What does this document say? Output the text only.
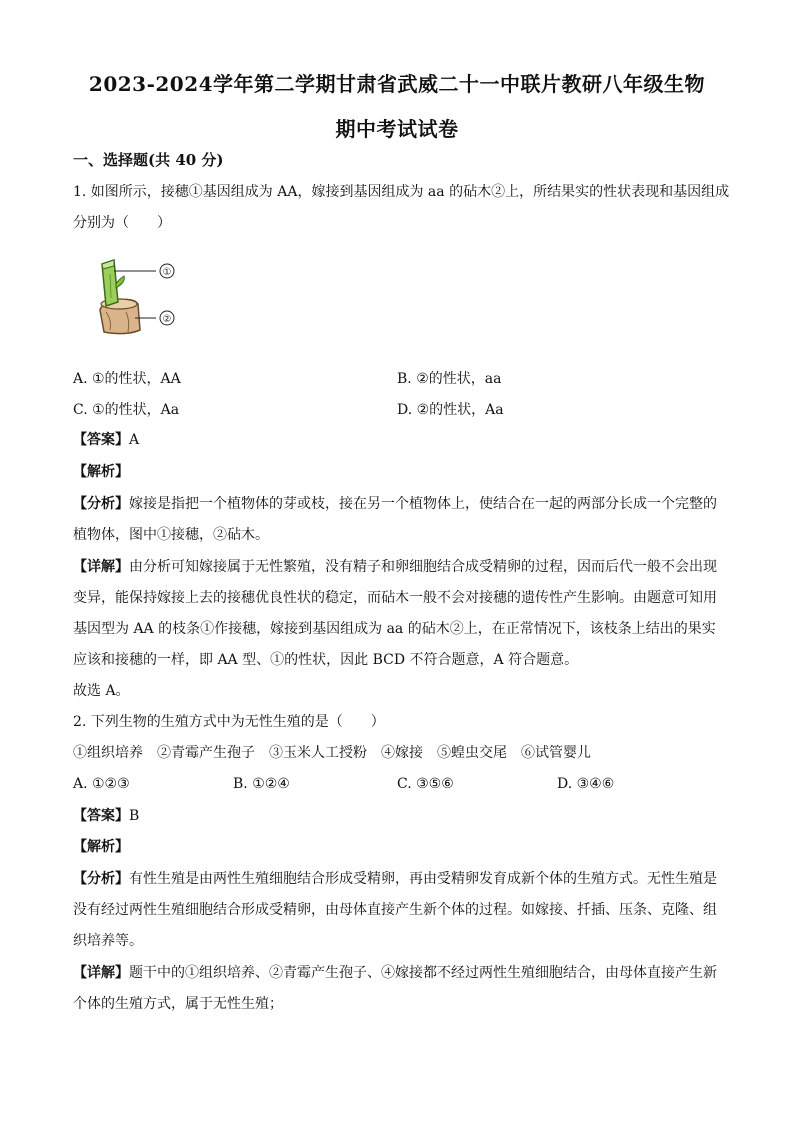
2023-2024学年第二学期甘肃省武威二十一中联片教研八年级生物
期中考试试卷
一、选择题(共 40 分)
1. 如图所示，接穗①基因组成为 AA，嫁接到基因组成为 aa 的砧木②上，所结果实的性状表现和基因组成
分别为（　　）
①
②
A. ①的性状，AA	B. ②的性状，aa
C. ①的性状，Aa	D. ②的性状，Aa
【答案】A
【解析】
【分析】嫁接是指把一个植物体的芽或枝，接在另一个植物体上，使结合在一起的两部分长成一个完整的
植物体，图中①接穗，②砧木。
【详解】由分析可知嫁接属于无性繁殖，没有精子和卵细胞结合成受精卵的过程，因而后代一般不会出现
变异，能保持嫁接上去的接穗优良性状的稳定，而砧木一般不会对接穗的遗传性产生影响。由题意可知用
基因型为 AA 的枝条①作接穗，嫁接到基因组成为 aa 的砧木②上，在正常情况下，该枝条上结出的果实
应该和接穗的一样，即 AA 型、①的性状，因此 BCD 不符合题意，A 符合题意。
故选 A。
2. 下列生物的生殖方式中为无性生殖的是（　　）
①组织培养　②青霉产生孢子　③玉米人工授粉　④嫁接　⑤蝗虫交尾　⑥试管婴儿
A. ①②③	B. ①②④	C. ③⑤⑥	D. ③④⑥
【答案】B
【解析】
【分析】有性生殖是由两性生殖细胞结合形成受精卵，再由受精卵发育成新个体的生殖方式。无性生殖是
没有经过两性生殖细胞结合形成受精卵，由母体直接产生新个体的过程。如嫁接、扦插、压条、克隆、组
织培养等。
【详解】题干中的①组织培养、②青霉产生孢子、④嫁接都不经过两性生殖细胞结合，由母体直接产生新
个体的生殖方式，属于无性生殖；
